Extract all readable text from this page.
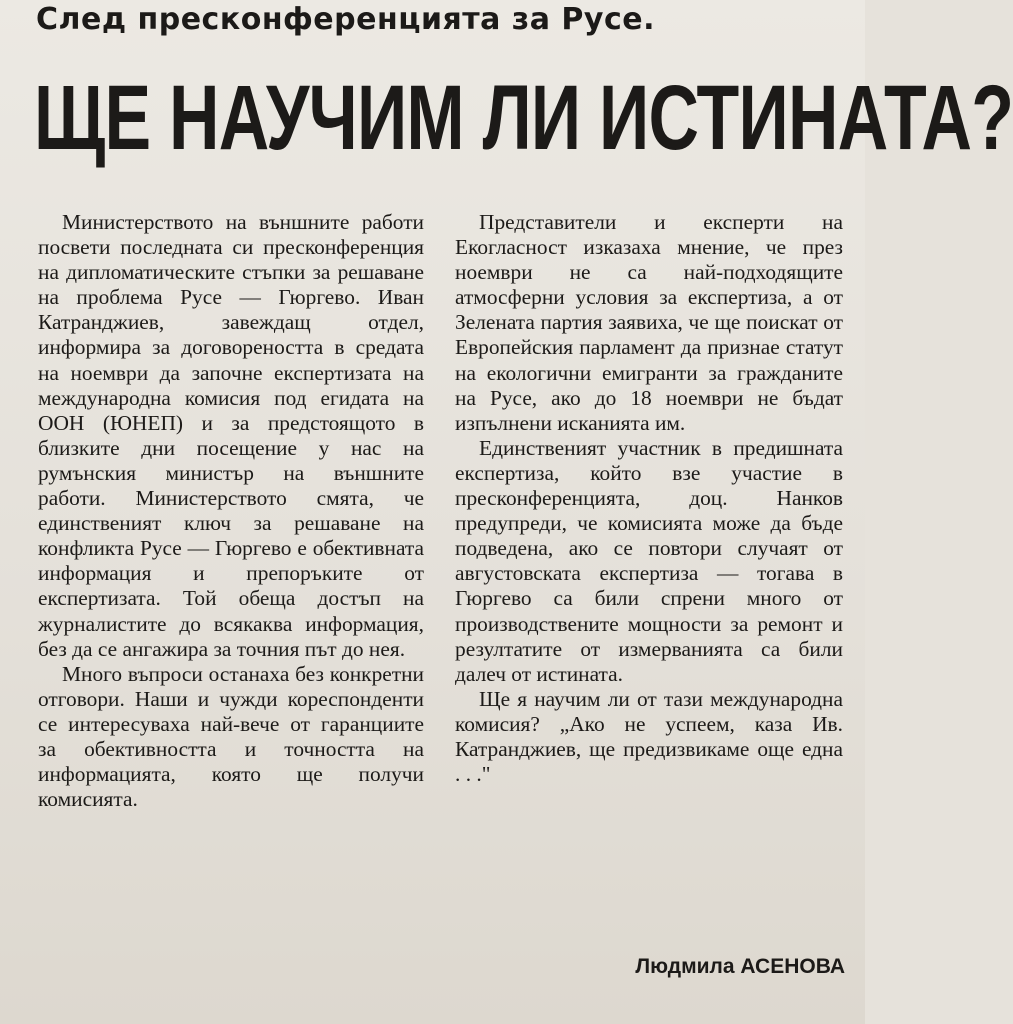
След пресконференцията за Русе.
ЩЕ НАУЧИМ ЛИ ИСТИНАТА?

Министерството на външните работи посвети последната си пресконференция на дипломатическите стъпки за решаване на проблема Русе — Гюргево. Иван Катранджиев, завеждащ отдел, информира за договореността в средата на ноември да започне експертизата на международна комисия под егидата на ООН (ЮНЕП) и за предстоящото в близките дни посещение у нас на румънския министър на външните работи. Министерството смята, че единственият ключ за решаване на конфликта Русе — Гюргево е обективната информация и препоръките от експертизата. Той обеща достъп на журналистите до всякаква информация, без да се ангажира за точния път до нея.

Много въпроси останаха без конкретни отговори. Наши и чужди кореспонденти се интересуваха най-вече от гаранциите за обективността и точността на информацията, която ще получи комисията.

Представители и експерти на Екогласност изказаха мнение, че през ноември не са най-подходящите атмосферни условия за експертиза, а от Зелената партия заявиха, че ще поискат от Европейския парламент да признае статут на екологични емигранти за гражданите на Русе, ако до 18 ноември не бъдат изпълнени исканията им.

Единственият участник в предишната експертиза, който взе участие в пресконференцията, доц. Нанков предупреди, че комисията може да бъде подведена, ако се повтори случаят от августовската експертиза — тогава в Гюргево са били спрени много от производствените мощности за ремонт и резултатите от измерванията са били далеч от истината.

Ще я научим ли от тази международна комисия? „Ако не успеем, каза Ив. Катранджиев, ще предизвикаме още една . . ."

Людмила АСЕНОВА
